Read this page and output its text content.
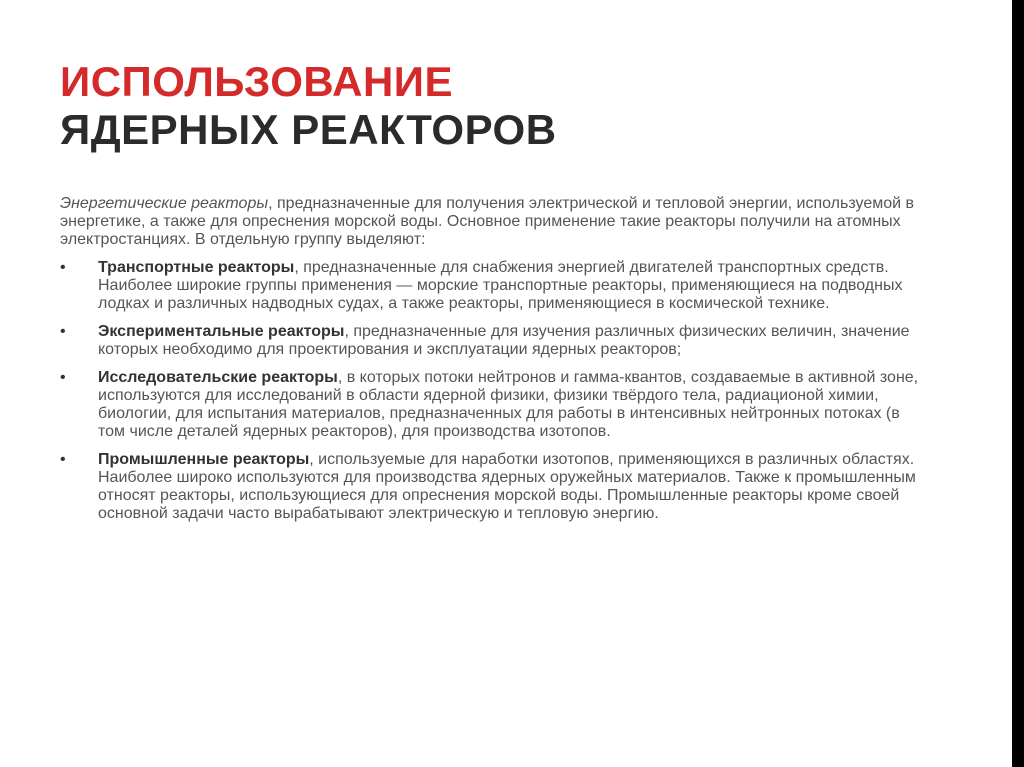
ИСПОЛЬЗОВАНИЕ
ЯДЕРНЫХ РЕАКТОРОВ

Энергетические реакторы, предназначенные для получения электрической и тепловой энергии, используемой в энергетике, а также для опреснения морской воды. Основное применение такие реакторы получили на атомных электростанциях. В отдельную группу выделяют:

• Транспортные реакторы, предназначенные для снабжения энергией двигателей транспортных средств. Наиболее широкие группы применения — морские транспортные реакторы, применяющиеся на подводных лодках и различных надводных судах, а также реакторы, применяющиеся в космической технике.
• Экспериментальные реакторы, предназначенные для изучения различных физических величин, значение которых необходимо для проектирования и эксплуатации ядерных реакторов;
• Исследовательские реакторы, в которых потоки нейтронов и гамма-квантов, создаваемые в активной зоне, используются для исследований в области ядерной физики, физики твёрдого тела, радиационой химии, биологии, для испытания материалов, предназначенных для работы в интенсивных нейтронных потоках (в том числе деталей ядерных реакторов), для производства изотопов.
• Промышленные реакторы, используемые для наработки изотопов, применяющихся в различных областях. Наиболее широко используются для производства ядерных оружейных материалов. Также к промышленным относят реакторы, использующиеся для опреснения морской воды. Промышленные реакторы кроме своей основной задачи часто вырабатывают электрическую и тепловую энергию.
